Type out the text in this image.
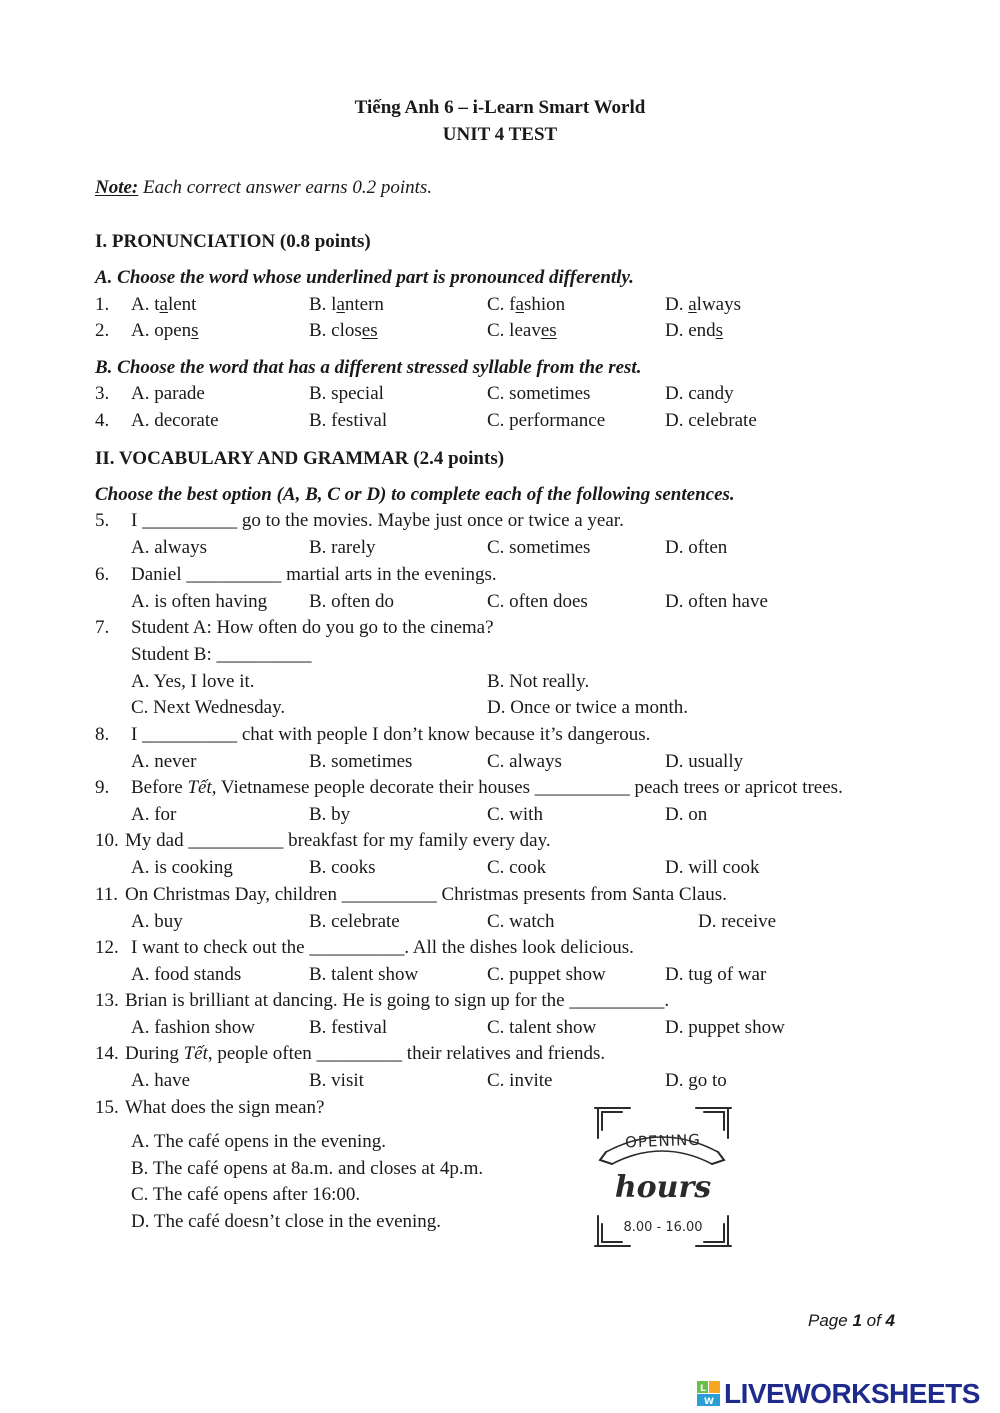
Tiếng Anh 6 – i-Learn Smart World
UNIT 4 TEST
Note: Each correct answer earns 0.2 points.
I. PRONUNCIATION (0.8 points)
A. Choose the word whose underlined part is pronounced differently.
1. A. talent	B. lantern	C. fashion	D. always
2. A. opens	B. closes	C. leaves	D. ends
B. Choose the word that has a different stressed syllable from the rest.
3. A. parade	B. special	C. sometimes	D. candy
4. A. decorate	B. festival	C. performance	D. celebrate
II. VOCABULARY AND GRAMMAR (2.4 points)
Choose the best option (A, B, C or D) to complete each of the following sentences.
5. I __________ go to the movies. Maybe just once or twice a year.
A. always	B. rarely	C. sometimes	D. often
6. Daniel __________ martial arts in the evenings.
A. is often having B. often do	C. often does	D. often have
7. Student A: How often do you go to the cinema?
Student B: __________
A. Yes, I love it.	B. Not really.
C. Next Wednesday.	D. Once or twice a month.
8. I __________ chat with people I don’t know because it’s dangerous.
A. never	B. sometimes	C. always	D. usually
9. Before Tết, Vietnamese people decorate their houses __________ peach trees or apricot trees.
A. for	B. by	C. with	D. on
10. My dad __________ breakfast for my family every day.
A. is cooking	B. cooks	C. cook	D. will cook
11. On Christmas Day, children __________ Christmas presents from Santa Claus.
A. buy	B. celebrate	C. watch	D. receive
12. I want to check out the __________. All the dishes look delicious.
A. food stands	B. talent show	C. puppet show	D. tug of war
13. Brian is brilliant at dancing. He is going to sign up for the __________.
A. fashion show	B. festival	C. talent show	D. puppet show
14. During Tết, people often _________ their relatives and friends.
A. have	B. visit	C. invite	D. go to
15. What does the sign mean?
A. The café opens in the evening.
B. The café opens at 8a.m. and closes at 4p.m.
C. The café opens after 16:00.
D. The café doesn’t close in the evening.
OPENING
hours
8.00 - 16.00
Page 1 of 4
L
W LIVEWORKSHEETS
